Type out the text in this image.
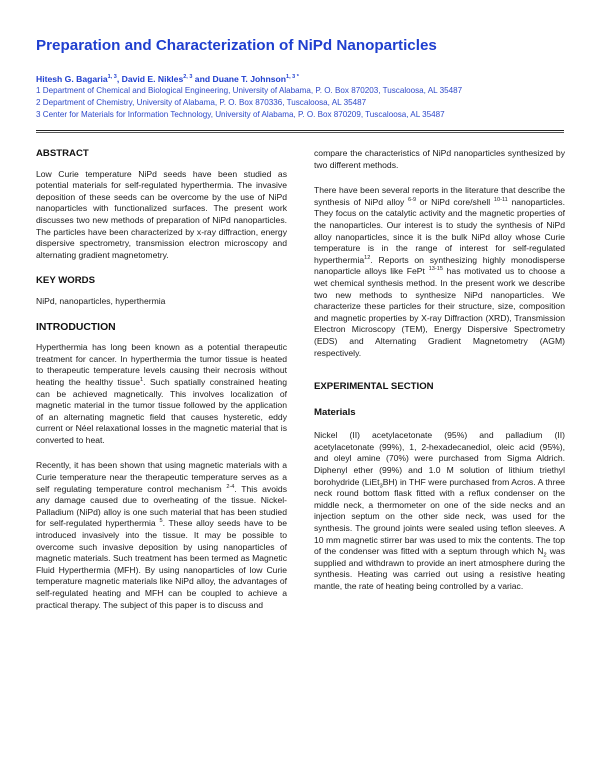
Preparation and Characterization of NiPd Nanoparticles
Hitesh G. Bagaria$^{1, 3}$, David E. Nikles$^{2, 3}$ and Duane T. Johnson$^{1, 3 *}$
1 Department of Chemical and Biological Engineering, University of Alabama, P. O. Box 870203, Tuscaloosa, AL 35487
2 Department of Chemistry, University of Alabama, P. O. Box 870336, Tuscaloosa, AL 35487
3 Center for Materials for Information Technology, University of Alabama, P. O. Box 870209, Tuscaloosa, AL 35487
ABSTRACT

Low Curie temperature NiPd seeds have been studied as potential materials for self-regulated hyperthermia. The invasive deposition of these seeds can be overcome by the use of NiPd nanoparticles with functionalized surfaces. The present work discusses two new methods of preparation of NiPd nanoparticles. The particles have been characterized by x-ray diffraction, energy dispersive spectrometry, transmission electron microscopy and alternating gradient magnetometry.

KEY WORDS

NiPd, nanoparticles, hyperthermia

INTRODUCTION

Hyperthermia has long been known as a potential therapeutic treatment for cancer. In hyperthermia the tumor tissue is heated to therapeutic temperature levels causing their necrosis without heating the healthy tissue$^1$. Such spatially constrained heating can be achieved magnetically. This involves localization of magnetic material in the tumor tissue followed by the application of an alternating magnetic field that causes hysteretic, eddy current or Néel relaxational losses in the magnetic material that is converted to heat.

Recently, it has been shown that using magnetic materials with a Curie temperature near the therapeutic temperature serves as a self regulating temperature control mechanism $^{2-4}$. This avoids any damage caused due to overheating of the tissue. Nickel-Palladium (NiPd) alloy is one such material that has been studied for self-regulated hyperthermia $^5$. These alloy seeds have to be introduced invasively into the tissue. It may be possible to overcome such invasive deposition by using nanoparticles of magnetic materials. Such treatment has been termed as Magnetic Fluid Hyperthermia (MFH). By using nanoparticles of low Curie temperature magnetic materials like NiPd alloy, the advantages of self-regulated heating and MFH can be coupled to achieve a practical therapy. The subject of this paper is to discuss and

compare the characteristics of NiPd nanoparticles synthesized by two different methods.

There have been several reports in the literature that describe the synthesis of NiPd alloy $^{6-9}$ or NiPd core/shell $^{10-11}$ nanoparticles. They focus on the catalytic activity and the magnetic properties of the nanoparticles. Our interest is to study the synthesis of NiPd alloy nanoparticles, since it is the bulk NiPd alloy whose Curie temperature is in the range of interest for self-regulated hyperthermia$^{12}$. Reports on synthesizing highly monodisperse nanoparticle alloys like FePt $^{13-15}$ has motivated us to choose a wet chemical synthesis method. In the present work we describe two new methods to synthesize NiPd nanoparticles. We characterize these particles for their structure, size, composition and magnetic properties by X-ray Diffraction (XRD), Transmission Electron Microscopy (TEM), Energy Dispersive Spectrometry (EDS) and Alternating Gradient Magnetometry (AGM) respectively.

EXPERIMENTAL SECTION
Materials

Nickel (II) acetylacetonate (95%) and palladium (II) acetylacetonate (99%), 1, 2-hexadecanediol, oleic acid (95%), and oleyl amine (70%) were purchased from Sigma Aldrich. Diphenyl ether (99%) and 1.0 M solution of lithium triethyl borohydride (LiEt$_3$BH) in THF were purchased from Acros. A three neck round bottom flask fitted with a reflux condenser on the middle neck, a thermometer on one of the side necks and an injection septum on the other side neck, was used for the synthesis. The ground joints were sealed using teflon sleeves. A 10 mm magnetic stirrer bar was used to mix the contents. The top of the condenser was fitted with a septum through which $N_2$ was supplied and withdrawn to provide an inert atmosphere during the synthesis. Heating was carried out using a resistive heating mantle, the rate of heating being controlled by a variac.
